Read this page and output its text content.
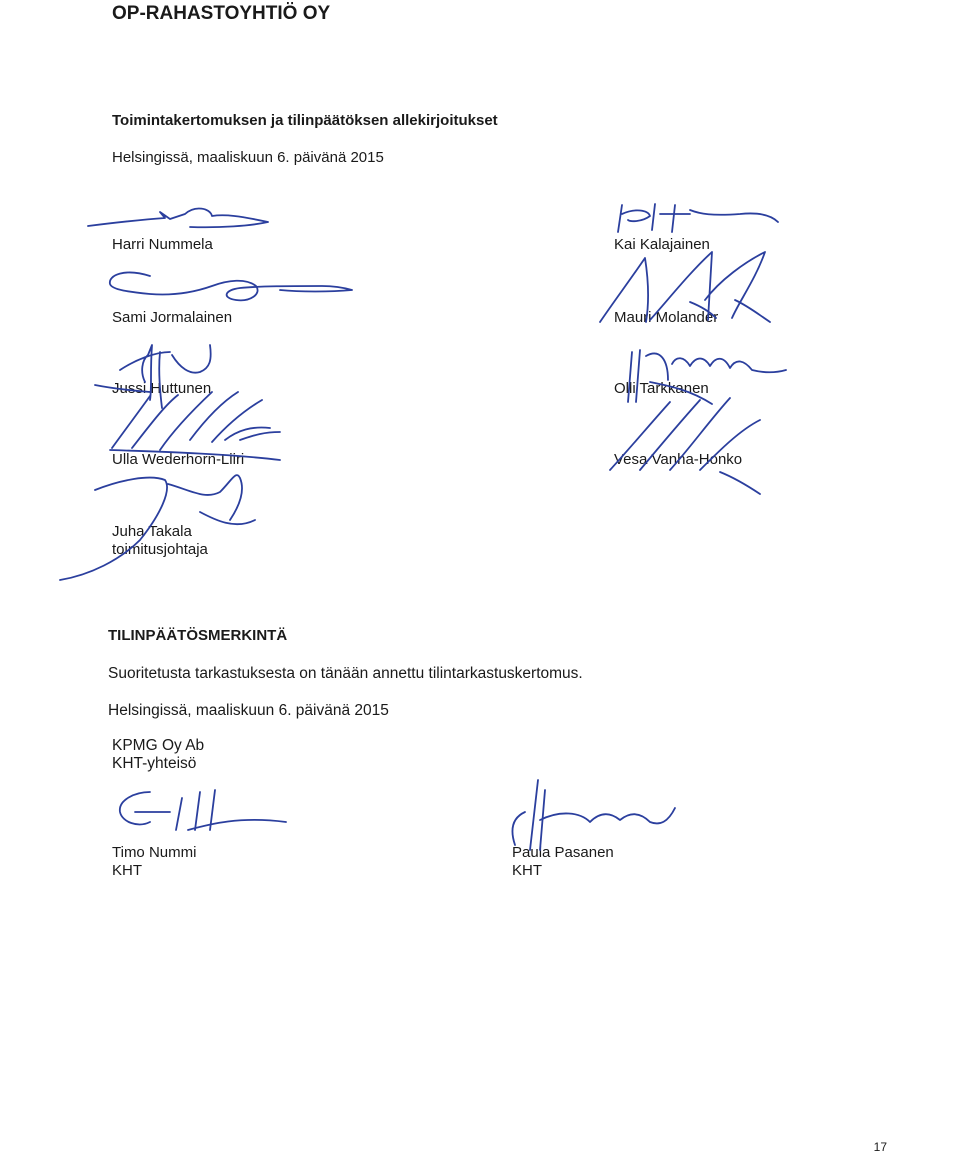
OP-RAHASTOYHTIÖ OY
Toimintakertomuksen ja tilinpäätöksen allekirjoitukset
Helsingissä, maaliskuun 6. päivänä 2015
Harri Nummela	Kai Kalajainen
Sami Jormalainen	Mauri Molander
Jussi Huttunen	Olli Tarkkanen
Ulla Wederhorn-Liiri	Vesa Vanha-Honko
Juha Takala
toimitusjohtaja
TILINPÄÄTÖSMERKINTÄ
Suoritetusta tarkastuksesta on tänään annettu tilintarkastuskertomus.
Helsingissä, maaliskuun 6. päivänä 2015
KPMG Oy Ab
KHT-yhteisö
Timo Nummi
KHT
Paula Pasanen
KHT
17
